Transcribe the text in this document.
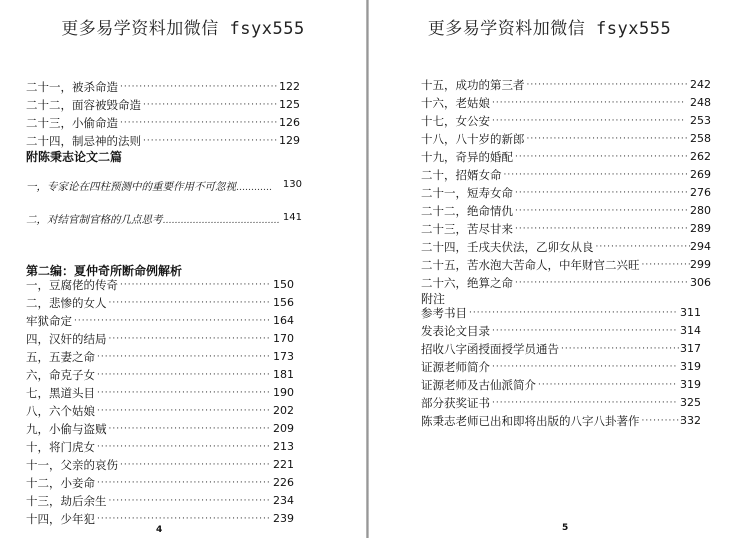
更多易学资料加微信 fsyx555
二十一，被杀命造 ········································· 122
二十二，面容被毁命造 ··································· 125
二十三，小偷命造 ········································· 126
二十四，制忌神的法则 ··································· 129
附陈秉志论文二篇
一，专家论在四柱预测中的重要作用不可忽视………… 130
二，对结官制官格的几点思考………………………………… 141
第二编：夏仲奇所断命例解析
一，豆腐佬的传奇 ······································· 150
二，悲惨的女人 ·········································· 156
牢狱命定 ··················································· 164
四，汉奸的结局 ·········································· 170
五，五妻之命 ············································· 173
六，命克子女 ············································· 181
七，黑道头目 ············································· 190
八，六个姑娘 ············································· 202
九，小偷与盗贼 ·········································· 209
十，将门虎女 ············································· 213
十一，父亲的哀伤 ······································· 221
十二，小妾命 ············································· 226
十三，劫后余生 ·········································· 234
十四，少年犯 ············································· 239
4
更多易学资料加微信 fsyx555
十五，成功的第三者 ·········································· 242
十六，老姑娘 ·················································· 248
十七，女公安 ·················································· 253
十八，八十岁的新郎 ·········································· 258
十九，奇异的婚配 ············································· 262
二十，招婿女命 ················································ 269
二十一，短寿女命 ············································· 276
二十二，绝命情仇 ············································· 280
二十三，苦尽甘来 ············································· 289
二十四，壬戌夫伏法，乙卯女从良 ·························
294
二十五，苦水泡大苦命人，中年财官二兴旺 ·············
299
二十六，绝算之命 ············································· 306
附注
参考书目 ······················································ 311
发表论文目录 ················································ 314
招收八字函授面授学员通告 ······························· 317
证源老师简介 ················································ 319
证源老师及古仙派简介 ···································· 319
部分获奖证书 ················································ 325
陈秉志老师已出和即将出版的八字八卦著作 ···········
332
5
